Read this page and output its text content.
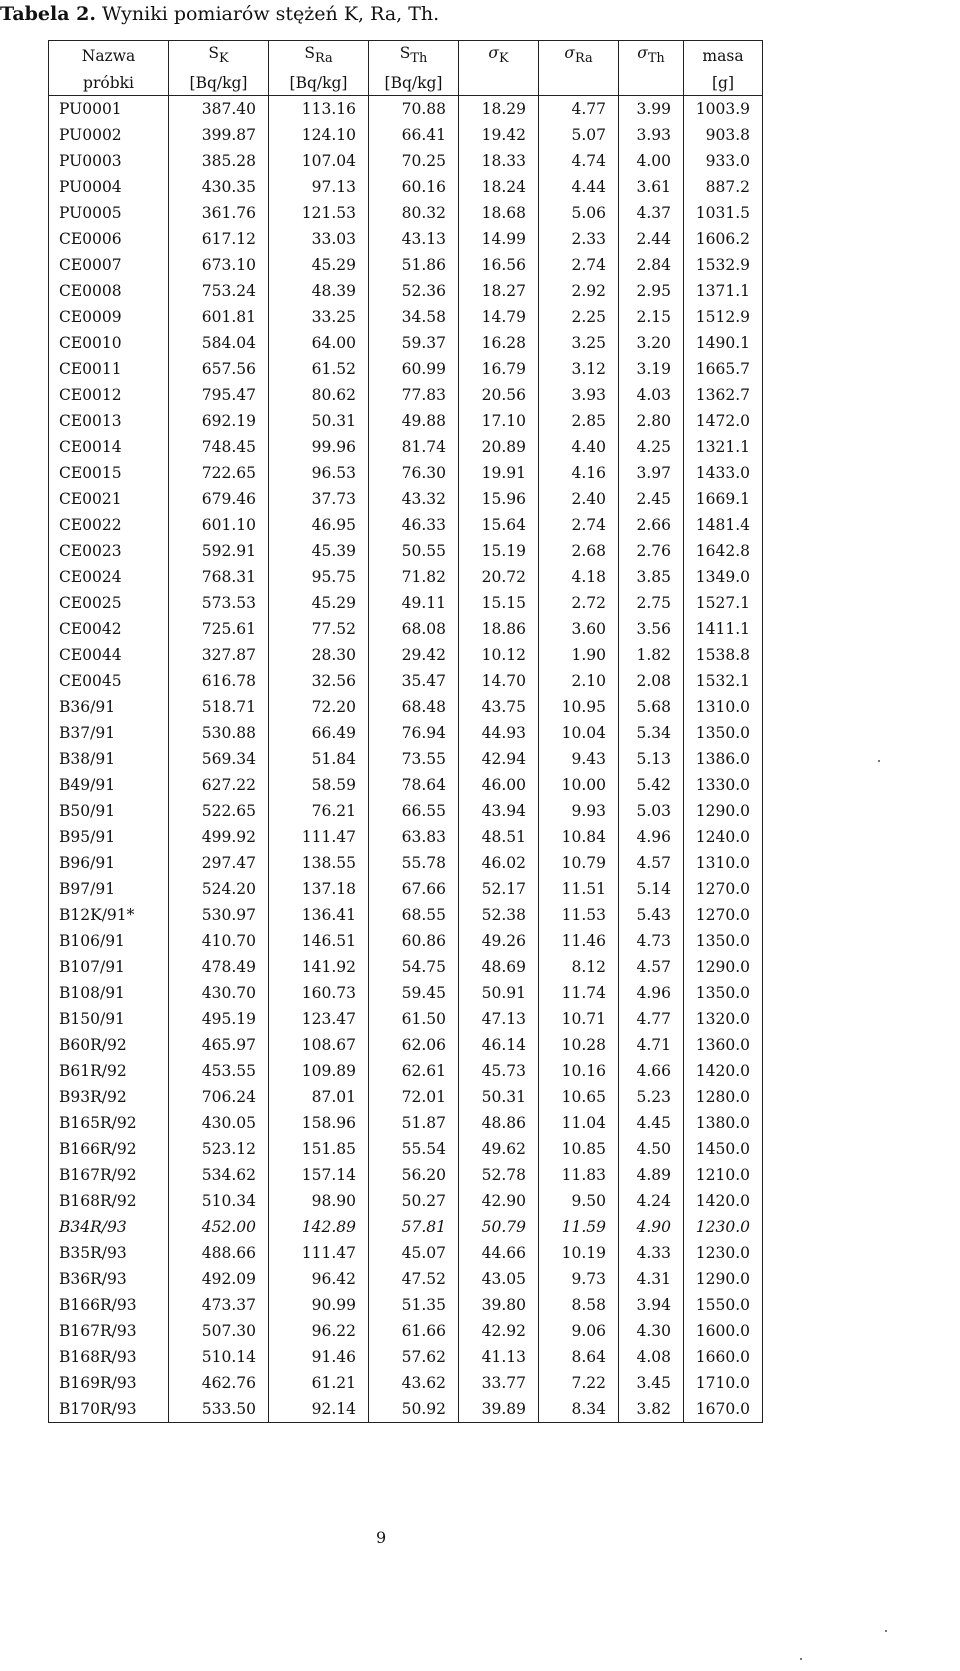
Tabela 2. Wyniki pomiarów stężeń K, Ra, Th.
Nazwa	$S_K$	$S_{Ra}$	$S_{Th}$	$\sigma_K$	$\sigma_{Ra}$	$\sigma_{Th}$	masa
próbki	[Bq/kg]	[Bq/kg]	[Bq/kg]				[g]
PU0001	387.40	113.16	70.88	18.29	4.77	3.99	1003.9
PU0002	399.87	124.10	66.41	19.42	5.07	3.93	903.8
PU0003	385.28	107.04	70.25	18.33	4.74	4.00	933.0
PU0004	430.35	97.13	60.16	18.24	4.44	3.61	887.2
PU0005	361.76	121.53	80.32	18.68	5.06	4.37	1031.5
CE0006	617.12	33.03	43.13	14.99	2.33	2.44	1606.2
CE0007	673.10	45.29	51.86	16.56	2.74	2.84	1532.9
CE0008	753.24	48.39	52.36	18.27	2.92	2.95	1371.1
CE0009	601.81	33.25	34.58	14.79	2.25	2.15	1512.9
CE0010	584.04	64.00	59.37	16.28	3.25	3.20	1490.1
CE0011	657.56	61.52	60.99	16.79	3.12	3.19	1665.7
CE0012	795.47	80.62	77.83	20.56	3.93	4.03	1362.7
CE0013	692.19	50.31	49.88	17.10	2.85	2.80	1472.0
CE0014	748.45	99.96	81.74	20.89	4.40	4.25	1321.1
CE0015	722.65	96.53	76.30	19.91	4.16	3.97	1433.0
CE0021	679.46	37.73	43.32	15.96	2.40	2.45	1669.1
CE0022	601.10	46.95	46.33	15.64	2.74	2.66	1481.4
CE0023	592.91	45.39	50.55	15.19	2.68	2.76	1642.8
CE0024	768.31	95.75	71.82	20.72	4.18	3.85	1349.0
CE0025	573.53	45.29	49.11	15.15	2.72	2.75	1527.1
CE0042	725.61	77.52	68.08	18.86	3.60	3.56	1411.1
CE0044	327.87	28.30	29.42	10.12	1.90	1.82	1538.8
CE0045	616.78	32.56	35.47	14.70	2.10	2.08	1532.1
B36/91	518.71	72.20	68.48	43.75	10.95	5.68	1310.0
B37/91	530.88	66.49	76.94	44.93	10.04	5.34	1350.0
B38/91	569.34	51.84	73.55	42.94	9.43	5.13	1386.0
B49/91	627.22	58.59	78.64	46.00	10.00	5.42	1330.0
B50/91	522.65	76.21	66.55	43.94	9.93	5.03	1290.0
B95/91	499.92	111.47	63.83	48.51	10.84	4.96	1240.0
B96/91	297.47	138.55	55.78	46.02	10.79	4.57	1310.0
B97/91	524.20	137.18	67.66	52.17	11.51	5.14	1270.0
B12K/91*	530.97	136.41	68.55	52.38	11.53	5.43	1270.0
B106/91	410.70	146.51	60.86	49.26	11.46	4.73	1350.0
B107/91	478.49	141.92	54.75	48.69	8.12	4.57	1290.0
B108/91	430.70	160.73	59.45	50.91	11.74	4.96	1350.0
B150/91	495.19	123.47	61.50	47.13	10.71	4.77	1320.0
B60R/92	465.97	108.67	62.06	46.14	10.28	4.71	1360.0
B61R/92	453.55	109.89	62.61	45.73	10.16	4.66	1420.0
B93R/92	706.24	87.01	72.01	50.31	10.65	5.23	1280.0
B165R/92	430.05	158.96	51.87	48.86	11.04	4.45	1380.0
B166R/92	523.12	151.85	55.54	49.62	10.85	4.50	1450.0
B167R/92	534.62	157.14	56.20	52.78	11.83	4.89	1210.0
B168R/92	510.34	98.90	50.27	42.90	9.50	4.24	1420.0
B34R/93	452.00	142.89	57.81	50.79	11.59	4.90	1230.0
B35R/93	488.66	111.47	45.07	44.66	10.19	4.33	1230.0
B36R/93	492.09	96.42	47.52	43.05	9.73	4.31	1290.0
B166R/93	473.37	90.99	51.35	39.80	8.58	3.94	1550.0
B167R/93	507.30	96.22	61.66	42.92	9.06	4.30	1600.0
B168R/93	510.14	91.46	57.62	41.13	8.64	4.08	1660.0
B169R/93	462.76	61.21	43.62	33.77	7.22	3.45	1710.0
B170R/93	533.50	92.14	50.92	39.89	8.34	3.82	1670.0
9
